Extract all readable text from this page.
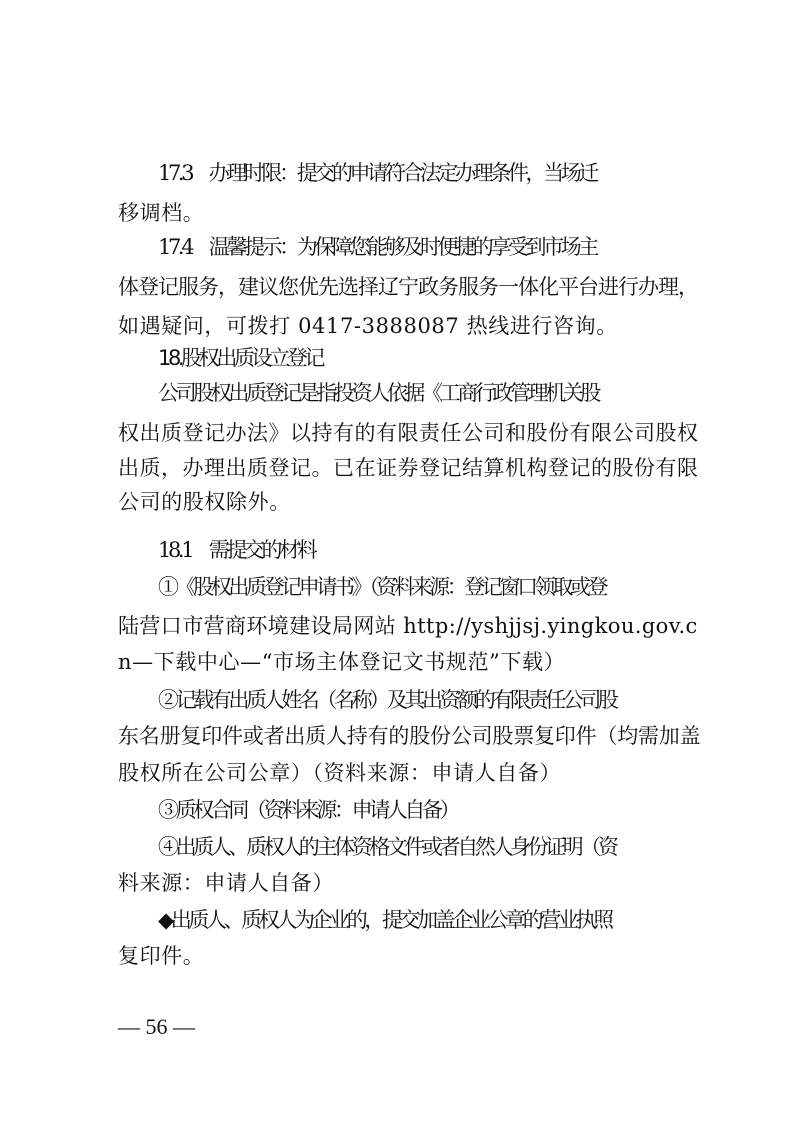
17.3　办理时限：提交的申请符合法定办理条件，当场迁
移调档。
17.4　温馨提示：为保障您能够及时便捷的享受到市场主
体登记服务，建议您优先选择辽宁政务服务一体化平台进行办理，
如遇疑问，可拨打 0417-3888087 热线进行咨询。
18.股权出质设立登记
公司股权出质登记是指投资人依据《工商行政管理机关股
权出质登记办法》以持有的有限责任公司和股份有限公司股权
出质，办理出质登记。已在证券登记结算机构登记的股份有限
公司的股权除外。
18.1　需提交的材料
①《股权出质登记申请书》（资料来源：登记窗口领取或登
陆营口市营商环境建设局网站 http://yshjjsj.yingkou.gov.c
n—下载中心—“市场主体登记文书规范”下载）
②记载有出质人姓名（名称）及其出资额的有限责任公司股
东名册复印件或者出质人持有的股份公司股票复印件（均需加盖
股权所在公司公章）（资料来源：申请人自备）
③质权合同（资料来源：申请人自备）
④出质人、质权人的主体资格文件或者自然人身份证明（资
料来源：申请人自备）
◆出质人、质权人为企业的，提交加盖企业公章的营业执照
复印件。
— 56 —
